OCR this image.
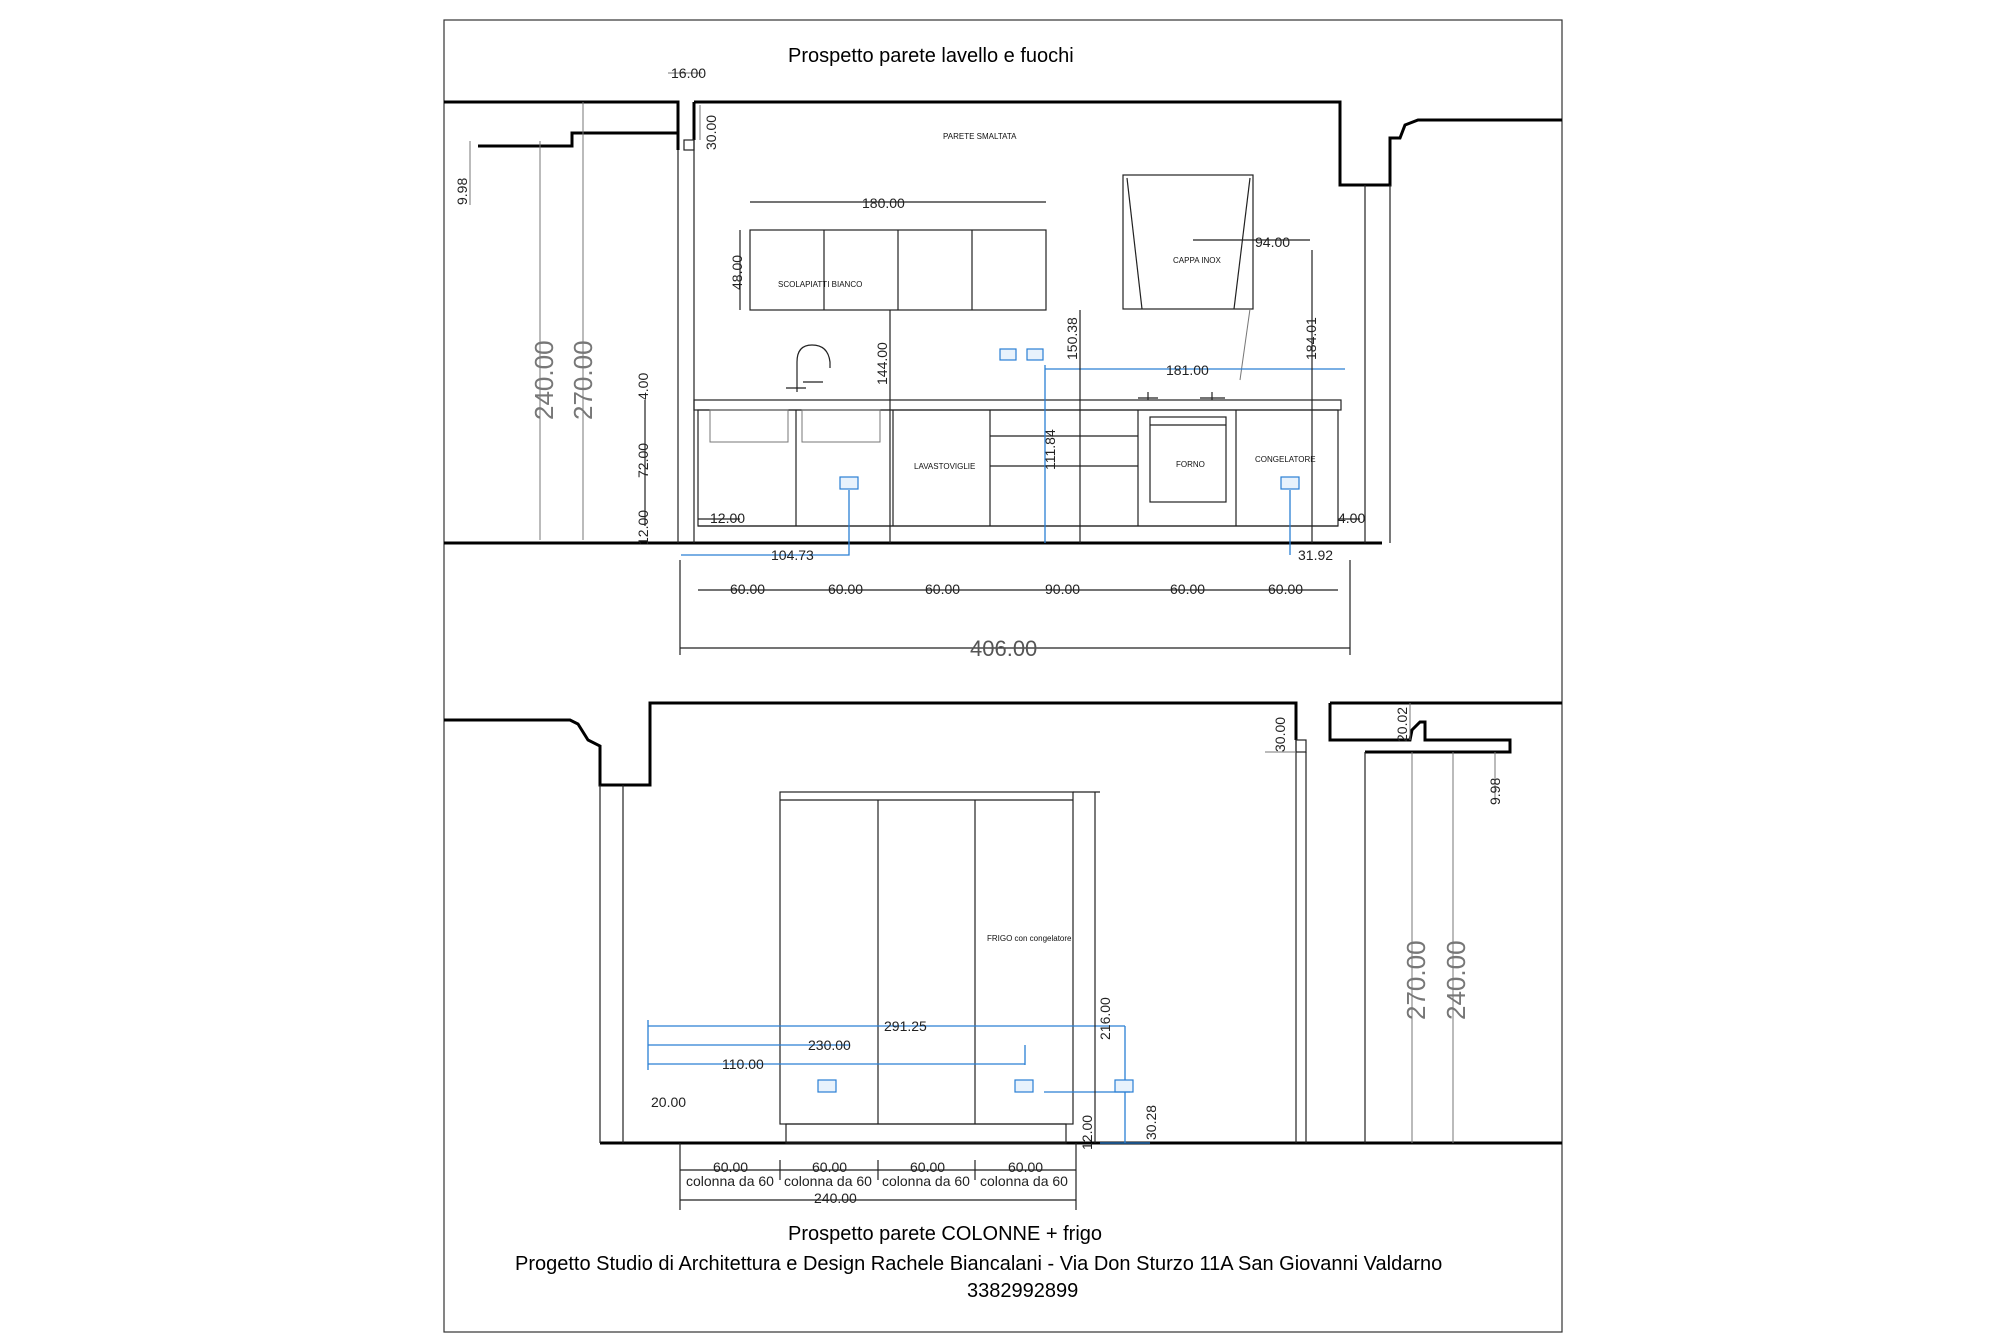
Prospetto parete lavello e fuochi
PARETE SMALTATA
SCOLAPIATTI BIANCO
CAPPA INOX
LAVASTOVIGLIE	FORNO
CONGELATORE
16.00
30.00
9.98
240.00 270.00
180.00
48.00
144.00
150.38
94.00
184.01
181.00
111.84
4.00
72.00
12.00	12.00	4.00
104.73	31.92
60.00	60.00	60.00	90.00	60.00	60.00
406.00
FRIGO con congelatore
30.00	20.02
9.98
270.00 240.00
216.00
291.25
230.00
110.00
20.00
30.28
12.00
60.00	60.00	60.00	60.00
colonna da 60 colonna da 60 colonna da 60 colonna da 60
240.00
Prospetto parete COLONNE + frigo
Progetto Studio di Architettura e Design Rachele Biancalani - Via Don Sturzo 11A San Giovanni Valdarno
3382992899
